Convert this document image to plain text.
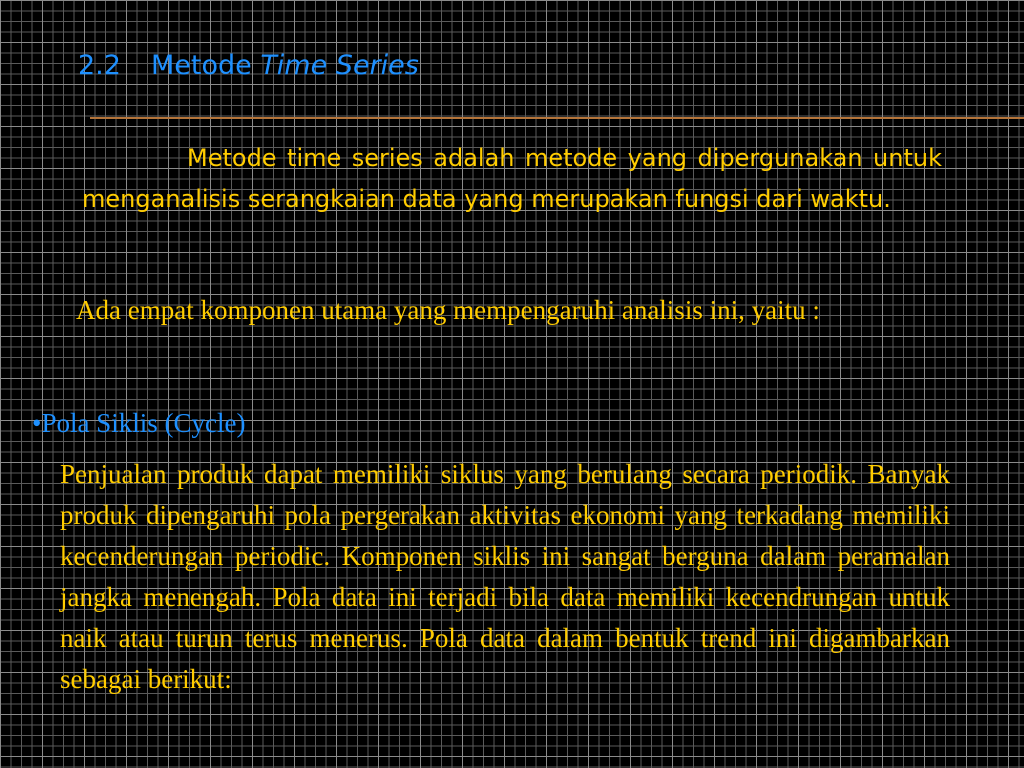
2.2 Metode Time Series
Metode time series adalah metode yang dipergunakan untuk menganalisis serangkaian data yang merupakan fungsi dari waktu.
Ada empat komponen utama yang mempengaruhi analisis ini, yaitu :
•Pola Siklis (Cycle)
Penjualan produk dapat memiliki siklus yang berulang secara periodik. Banyak produk dipengaruhi pola pergerakan aktivitas ekonomi yang terkadang memiliki kecenderungan periodic. Komponen siklis ini sangat berguna dalam peramalan jangka menengah. Pola data ini terjadi bila data memiliki kecendrungan untuk naik atau turun terus menerus. Pola data dalam bentuk trend ini digambarkan sebagai berikut:
